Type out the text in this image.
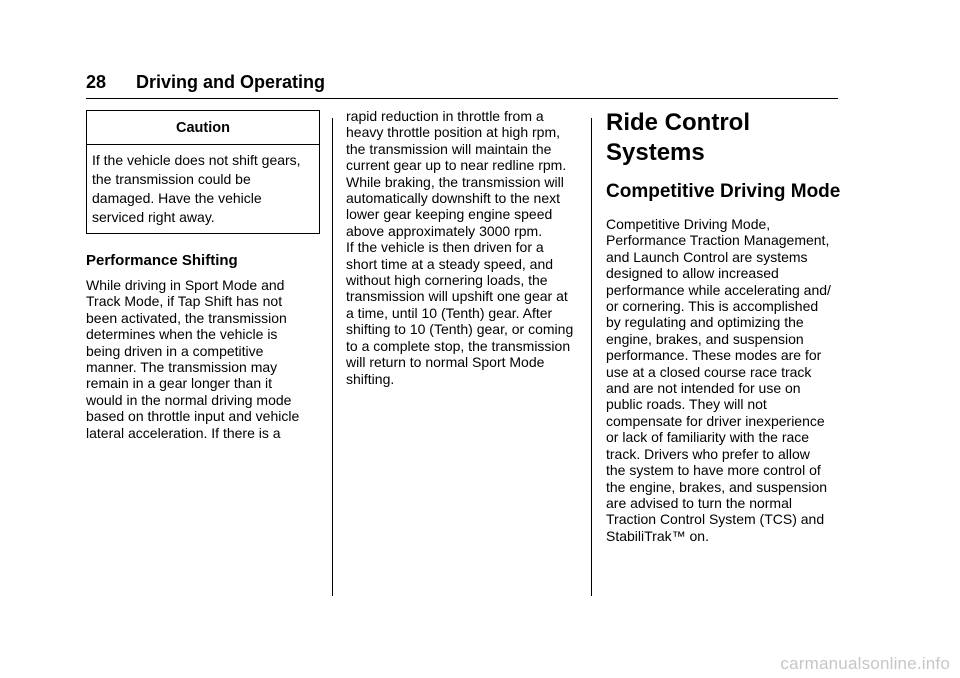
28 Driving and Operating
Caution
If the vehicle does not shift gears, the transmission could be damaged. Have the vehicle serviced right away.
Performance Shifting
While driving in Sport Mode and
Track Mode, if Tap Shift has not
been activated, the transmission
determines when the vehicle is
being driven in a competitive
manner. The transmission may
remain in a gear longer than it
would in the normal driving mode
based on throttle input and vehicle
lateral acceleration. If there is a
rapid reduction in throttle from a
heavy throttle position at high rpm,
the transmission will maintain the
current gear up to near redline rpm.
While braking, the transmission will
automatically downshift to the next
lower gear keeping engine speed
above approximately 3000 rpm.
If the vehicle is then driven for a
short time at a steady speed, and
without high cornering loads, the
transmission will upshift one gear at
a time, until 10 (Tenth) gear. After
shifting to 10 (Tenth) gear, or coming
to a complete stop, the transmission
will return to normal Sport Mode
shifting.
Ride Control Systems
Competitive Driving Mode
Competitive Driving Mode,
Performance Traction Management,
and Launch Control are systems
designed to allow increased
performance while accelerating and/
or cornering. This is accomplished
by regulating and optimizing the
engine, brakes, and suspension
performance. These modes are for
use at a closed course race track
and are not intended for use on
public roads. They will not
compensate for driver inexperience
or lack of familiarity with the race
track. Drivers who prefer to allow
the system to have more control of
the engine, brakes, and suspension
are advised to turn the normal
Traction Control System (TCS) and
StabiliTrak™ on.
carmanualsonline.info
